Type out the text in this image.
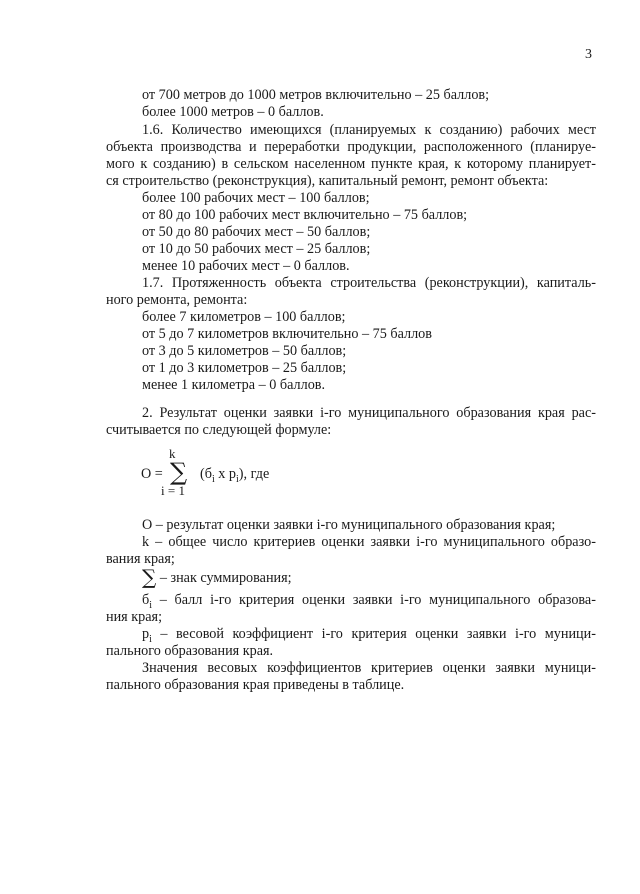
3
от 700 метров до 1000 метров включительно – 25 баллов;
более 1000 метров – 0 баллов.
1.6. Количество имеющихся (планируемых к созданию) рабочих мест
объекта производства и переработки продукции, расположенного (планируе-
мого к созданию) в сельском населенном пункте края, к которому планирует-
ся строительство (реконструкция), капитальный ремонт, ремонт объекта:
более 100 рабочих мест – 100 баллов;
от 80 до 100 рабочих мест включительно – 75 баллов;
от 50 до 80 рабочих мест – 50 баллов;
от 10 до 50 рабочих мест – 25 баллов;
менее 10 рабочих мест – 0 баллов.
1.7. Протяженность объекта строительства (реконструкции), капиталь-
ного ремонта, ремонта:
более 7 километров – 100 баллов;
от 5 до 7 километров включительно – 75 баллов
от 3 до 5 километров – 50 баллов;
от 1 до 3 километров – 25 баллов;
менее 1 километра – 0 баллов.
2. Результат оценки заявки i-го муниципального образования края рас-
считывается по следующей формуле:
k
О = ∑ ($б_i$ x $р_i$), где
i = 1
О – результат оценки заявки i-го муниципального образования края;
k – общее число критериев оценки заявки i-го муниципального образо-
вания края;
∑ – знак суммирования;
$б_i$ – балл i-го критерия оценки заявки i-го муниципального образова-
ния края;
$р_i$ – весовой коэффициент i-го критерия оценки заявки i-го муници-
пального образования края.
Значения весовых коэффициентов критериев оценки заявки муници-
пального образования края приведены в таблице.
